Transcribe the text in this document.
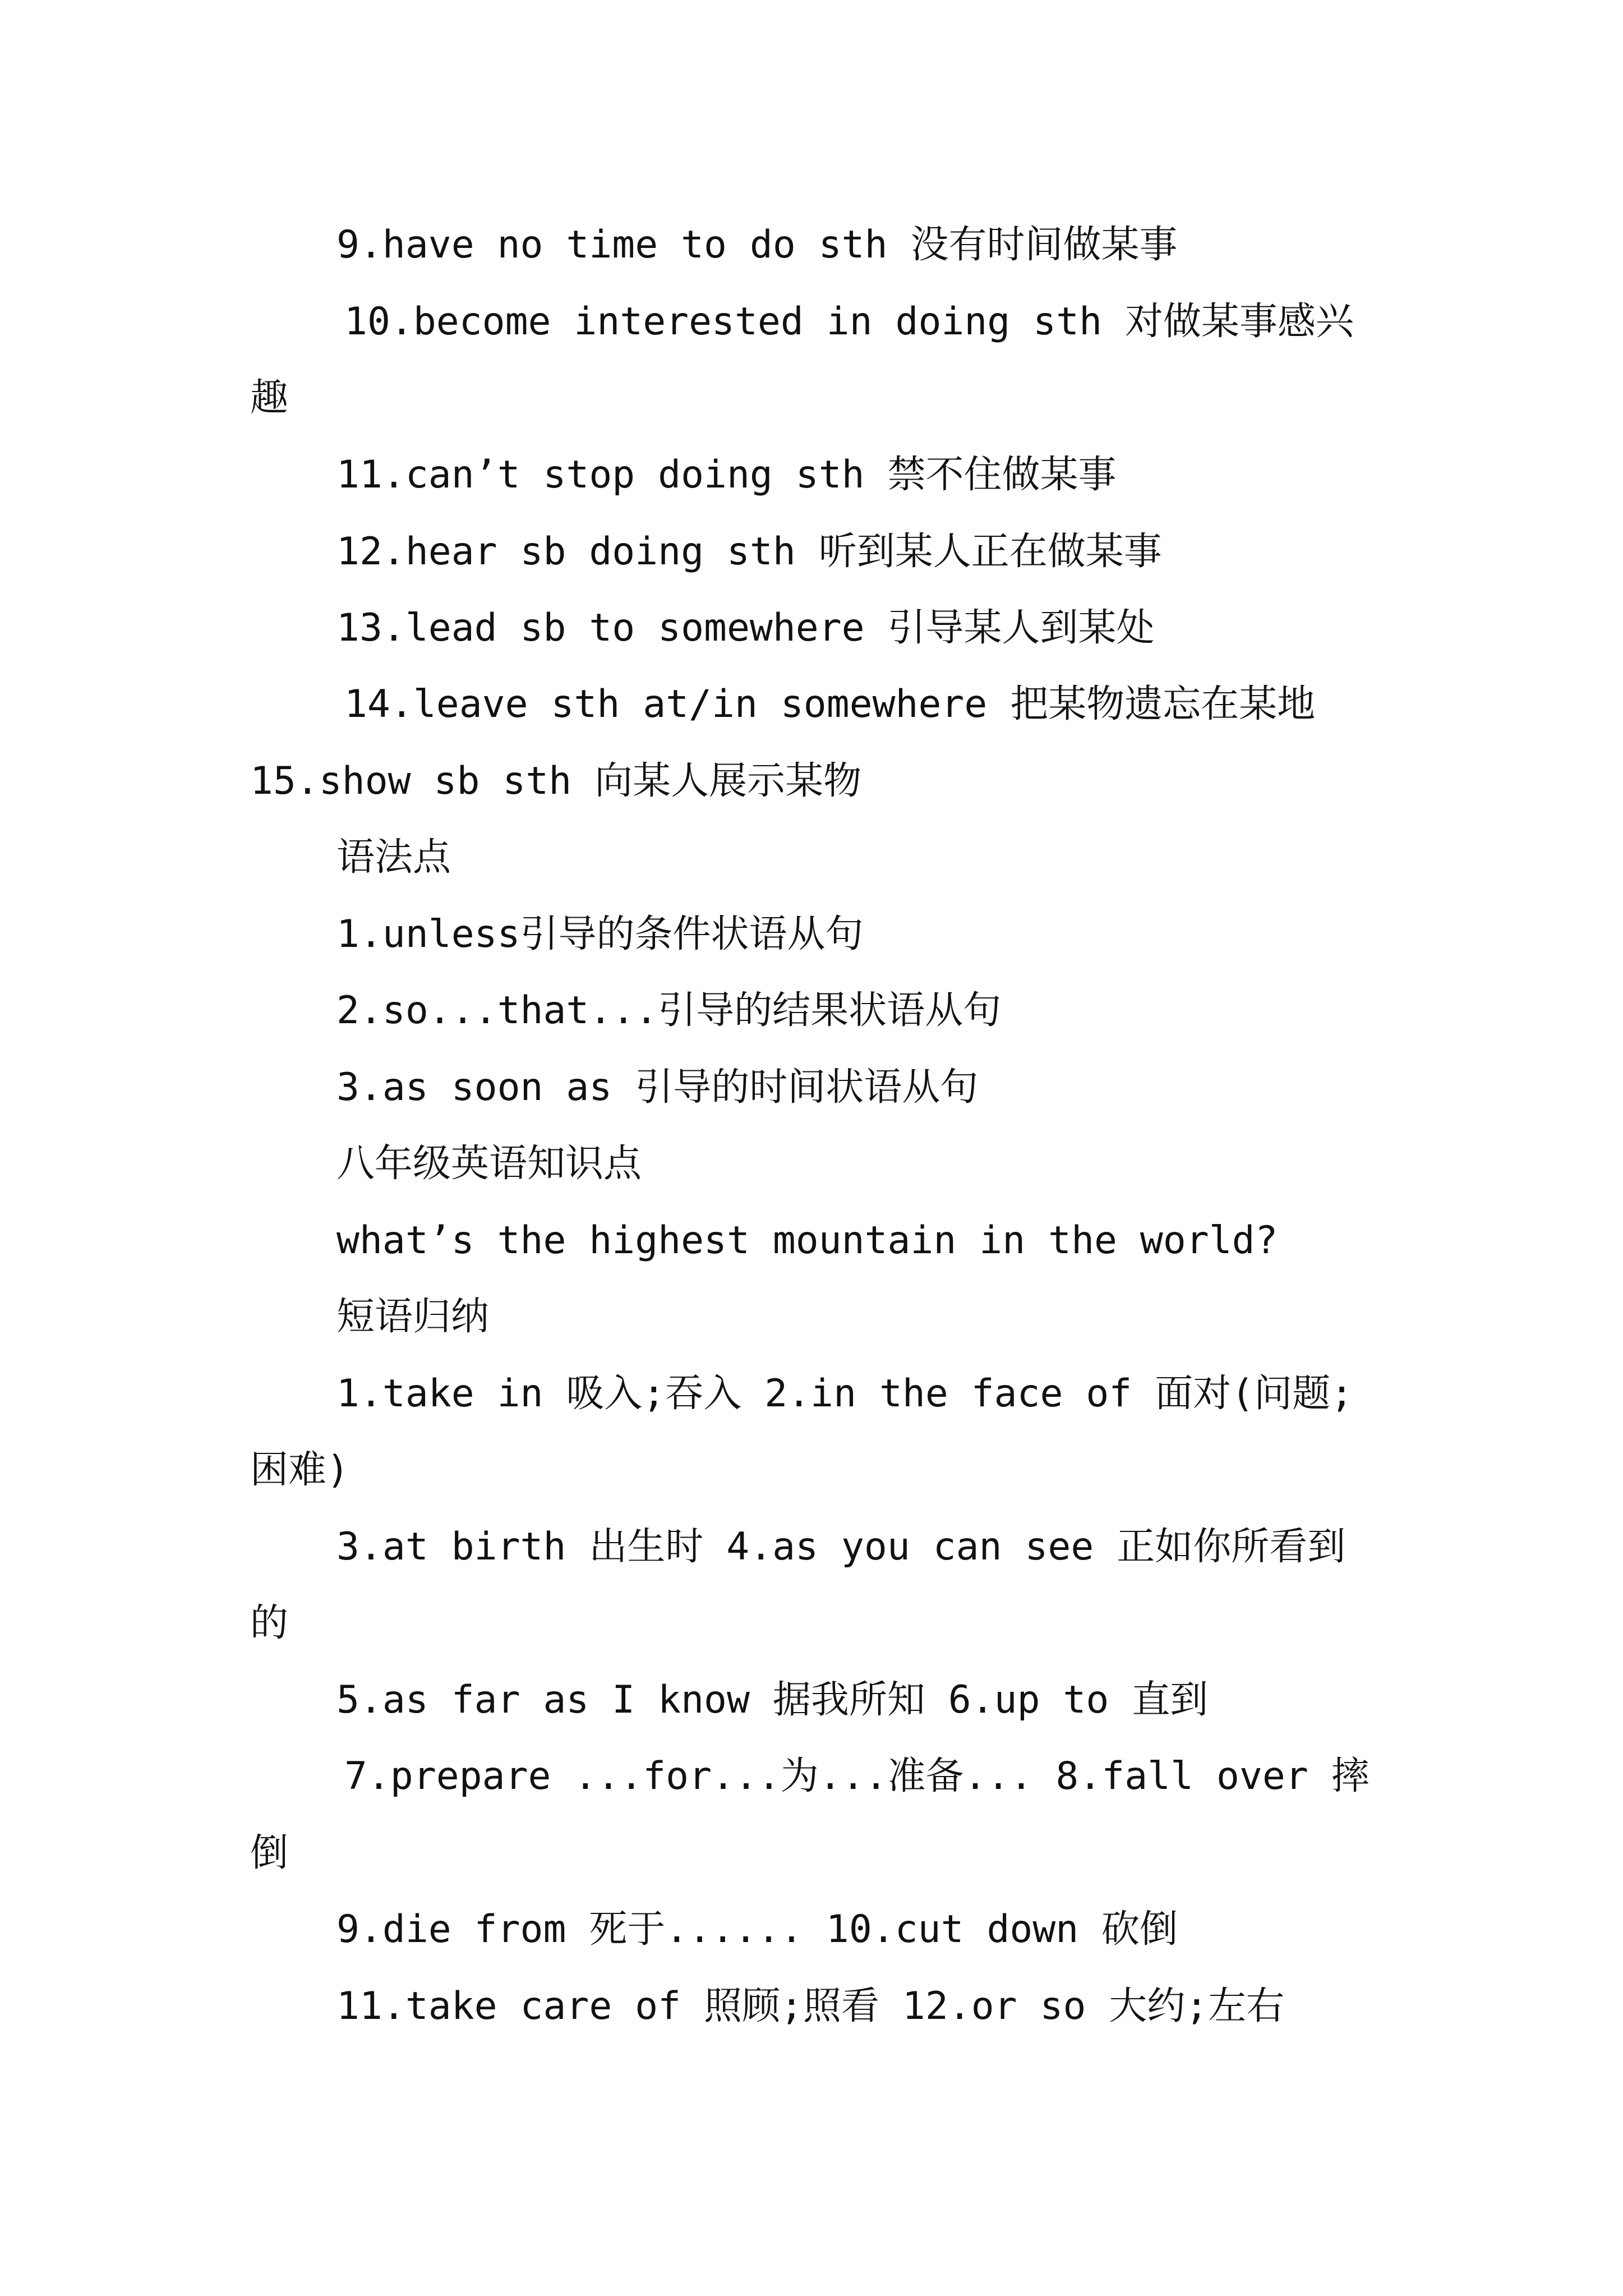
9.have no time to do sth 没有时间做某事
10.become interested in doing sth 对做某事感兴
趣
11.can’t stop doing sth 禁不住做某事
12.hear sb doing sth 听到某人正在做某事
13.lead sb to somewhere 引导某人到某处
14.leave sth at/in somewhere 把某物遗忘在某地
15.show sb sth 向某人展示某物
语法点
1.unless引导的条件状语从句
2.so...that...引导的结果状语从句
3.as soon as 引导的时间状语从句
八年级英语知识点
what’s the highest mountain in the world?
短语归纳
1.take in 吸入;吞入 2.in the face of 面对(问题;
困难)
3.at birth 出生时 4.as you can see 正如你所看到
的
5.as far as I know 据我所知 6.up to 直到
7.prepare ...for...为...准备... 8.fall over 摔
倒
9.die from 死于...... 10.cut down 砍倒
11.take care of 照顾;照看 12.or so 大约;左右
